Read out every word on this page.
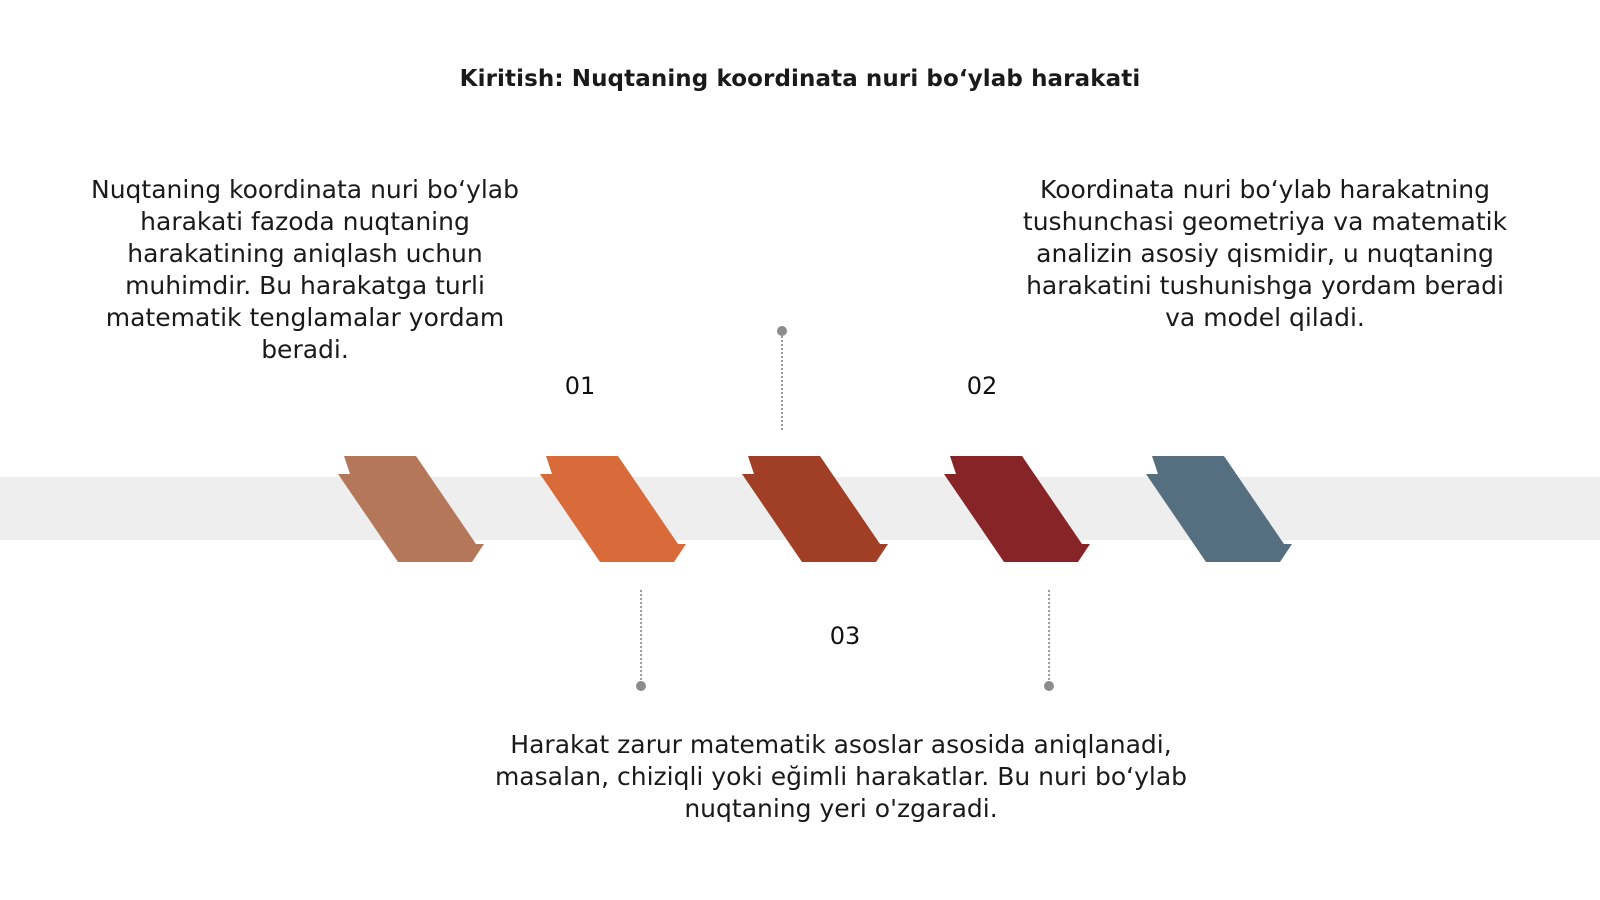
Kiritish: Nuqtaning koordinata nuri bo‘ylab harakati
01	02
03
Nuqtaning koordinata nuri bo‘ylab harakati fazoda nuqtaning harakatining aniqlash uchun muhimdir. Bu harakatga turli matematik tenglamalar yordam beradi.
Koordinata nuri bo‘ylab harakatning tushunchasi geometriya va matematik analizin asosiy qismidir, u nuqtaning harakatini tushunishga yordam beradi va model qiladi.
Harakat zarur matematik asoslar asosida aniqlanadi, masalan, chiziqli yoki eğimli harakatlar. Bu nuri bo‘ylab nuqtaning yeri o'zgaradi.
